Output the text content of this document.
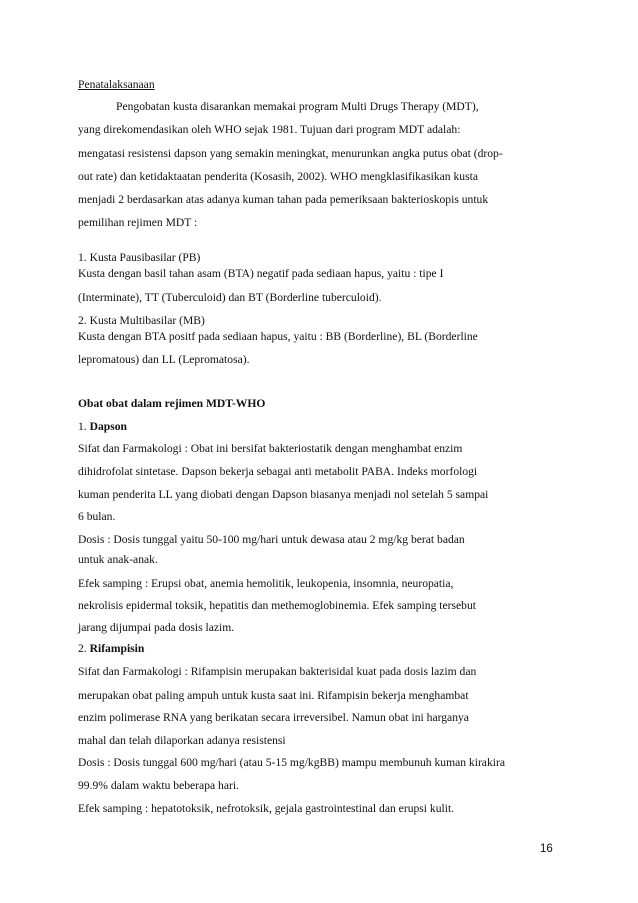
Penatalaksanaan
Pengobatan kusta disarankan memakai program Multi Drugs Therapy (MDT),
yang direkomendasikan oleh WHO sejak 1981. Tujuan dari program MDT adalah:
mengatasi resistensi dapson yang semakin meningkat, menurunkan angka putus obat (drop-
out rate) dan ketidaktaatan penderita (Kosasih, 2002). WHO mengklasifikasikan kusta
menjadi 2 berdasarkan atas adanya kuman tahan pada pemeriksaan bakterioskopis untuk
pemilihan rejimen MDT :
1. Kusta Pausibasilar (PB)
Kusta dengan basil tahan asam (BTA) negatif pada sediaan hapus, yaitu : tipe I
(Interminate), TT (Tuberculoid) dan BT (Borderline tuberculoid).
2. Kusta Multibasilar (MB)
Kusta dengan BTA positf pada sediaan hapus, yaitu : BB (Borderline), BL (Borderline
lepromatous) dan LL (Lepromatosa).
Obat obat dalam rejimen MDT-WHO
1. Dapson
Sifat dan Farmakologi : Obat ini bersifat bakteriostatik dengan menghambat enzim
dihidrofolat sintetase. Dapson bekerja sebagai anti metabolit PABA. Indeks morfologi
kuman penderita LL yang diobati dengan Dapson biasanya menjadi nol setelah 5 sampai
6 bulan.
Dosis : Dosis tunggal yaitu 50-100 mg/hari untuk dewasa atau 2 mg/kg berat badan
untuk anak-anak.
Efek samping : Erupsi obat, anemia hemolitik, leukopenia, insomnia, neuropatia,
nekrolisis epidermal toksik, hepatitis dan methemoglobinemia. Efek samping tersebut
jarang dijumpai pada dosis lazim.
2. Rifampisin
Sifat dan Farmakologi : Rifampisin merupakan bakterisidal kuat pada dosis lazim dan
merupakan obat paling ampuh untuk kusta saat ini. Rifampisin bekerja menghambat
enzim polimerase RNA yang berikatan secara irreversibel. Namun obat ini harganya
mahal dan telah dilaporkan adanya resistensi
Dosis : Dosis tunggal 600 mg/hari (atau 5-15 mg/kgBB) mampu membunuh kuman kirakira
99.9% dalam waktu beberapa hari.
Efek samping : hepatotoksik, nefrotoksik, gejala gastrointestinal dan erupsi kulit.
16
